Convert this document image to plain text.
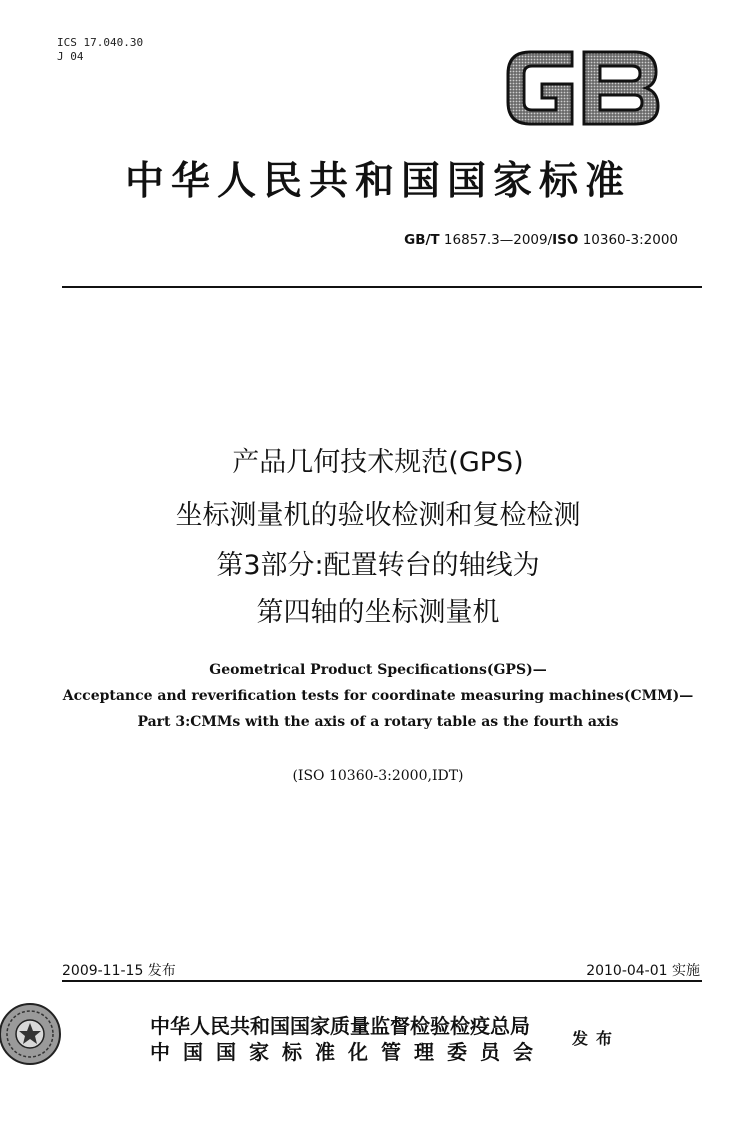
ICS 17.040.30
J 04
GB
中华人民共和国国家标准
GB/T 16857.3—2009/ISO 10360-3:2000
产品几何技术规范(GPS)
坐标测量机的验收检测和复检检测
第3部分:配置转台的轴线为
第四轴的坐标测量机
Geometrical Product Specifications(GPS)—
Acceptance and reverification tests for coordinate measuring machines(CMM)—
Part 3:CMMs with the axis of a rotary table as the fourth axis
(ISO 10360-3:2000,IDT)
2009-11-15 发布	2010-04-01 实施
中华人民共和国国家质量监督检验检疫总局
中国国家标准化管理委员会
发布
